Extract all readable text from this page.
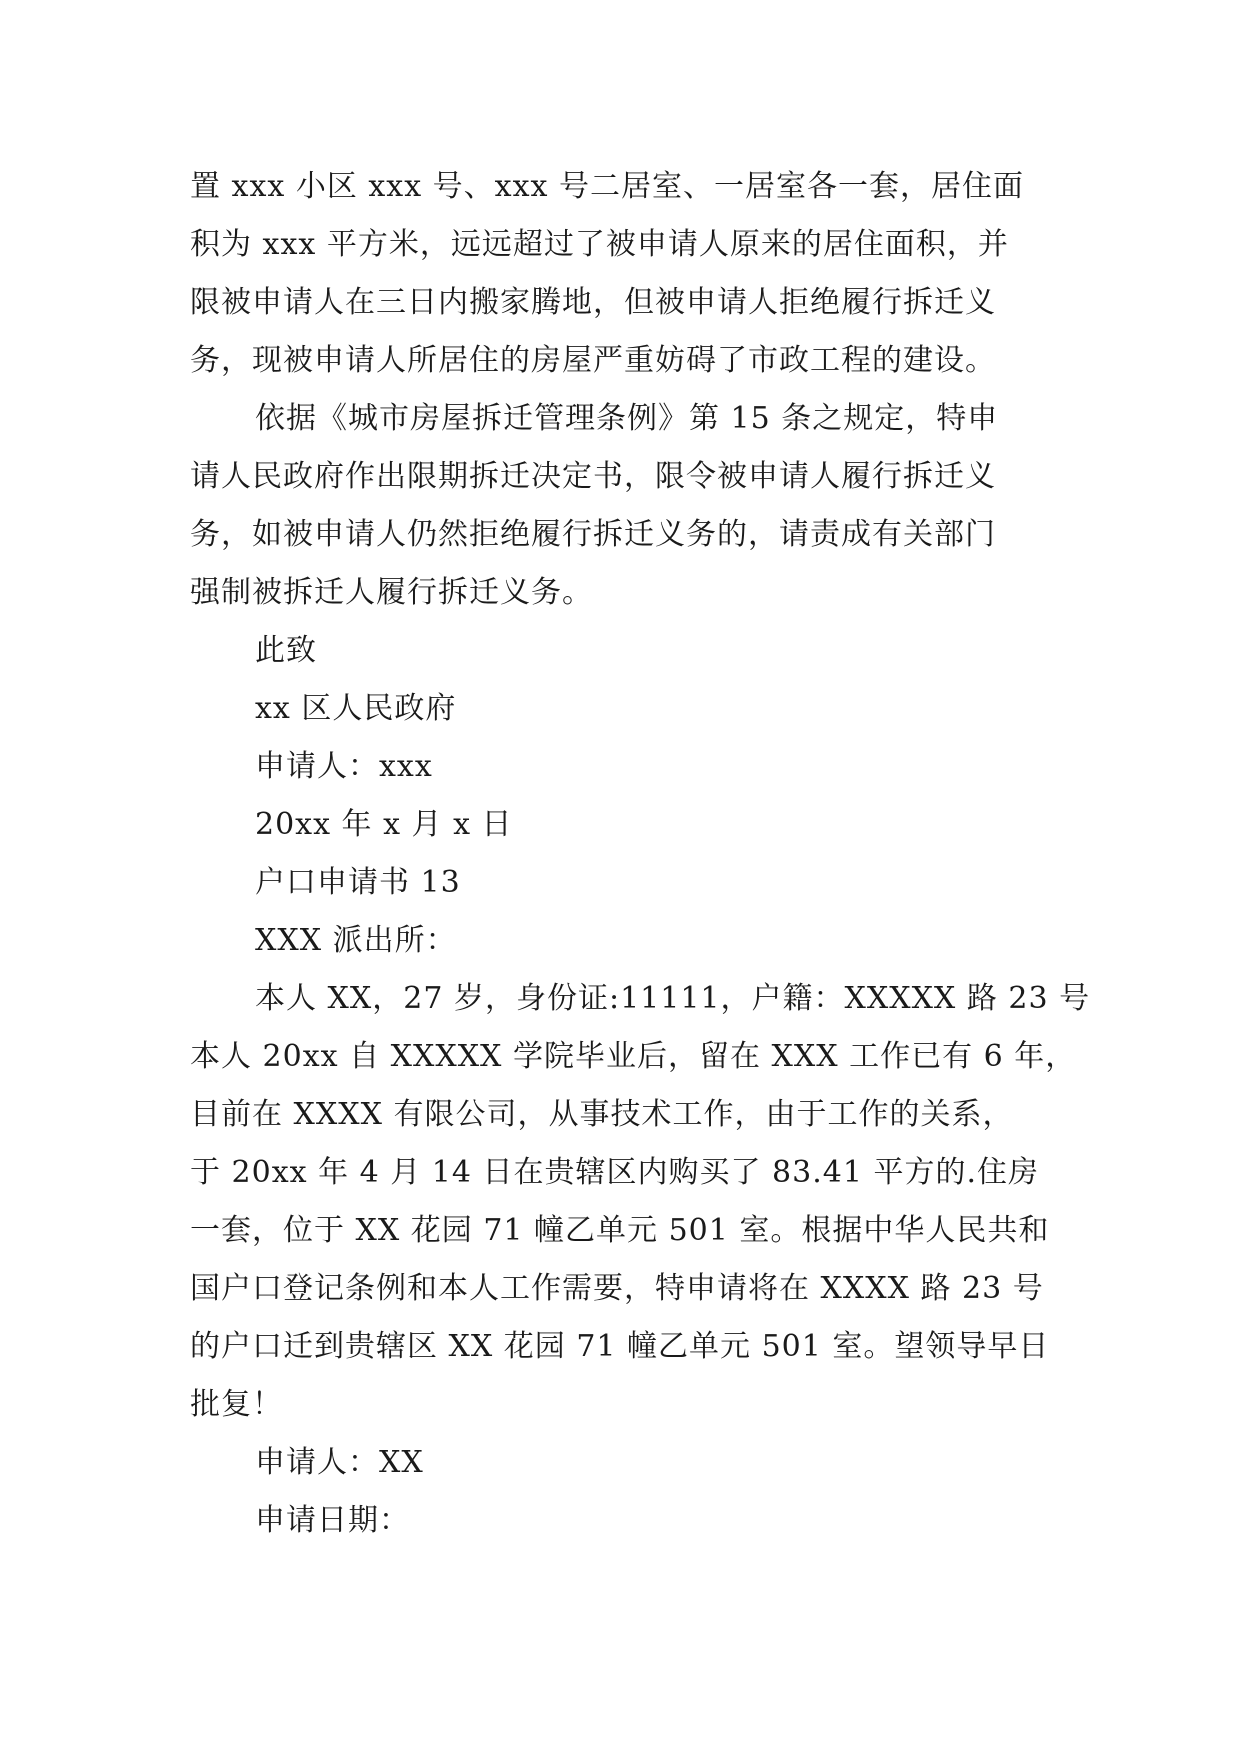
置 xxx 小区 xxx 号、xxx 号二居室、一居室各一套，居住面
积为 xxx 平方米，远远超过了被申请人原来的居住面积，并
限被申请人在三日内搬家腾地，但被申请人拒绝履行拆迁义
务，现被申请人所居住的房屋严重妨碍了市政工程的建设。
依据《城市房屋拆迁管理条例》第 15 条之规定，特申
请人民政府作出限期拆迁决定书，限令被申请人履行拆迁义
务，如被申请人仍然拒绝履行拆迁义务的，请责成有关部门
强制被拆迁人履行拆迁义务。
此致
xx 区人民政府
申请人：xxx
20xx 年 x 月 x 日
户口申请书 13
XXX 派出所：
本人 XX，27 岁，身份证:11111，户籍：XXXXX 路 23 号
本人 20xx 自 XXXXX 学院毕业后，留在 XXX 工作已有 6 年，
目前在 XXXX 有限公司，从事技术工作，由于工作的关系，
于 20xx 年 4 月 14 日在贵辖区内购买了 83.41 平方的.住房
一套，位于 XX 花园 71 幢乙单元 501 室。根据中华人民共和
国户口登记条例和本人工作需要，特申请将在 XXXX 路 23 号
的户口迁到贵辖区 XX 花园 71 幢乙单元 501 室。望领导早日
批复！
申请人：XX
申请日期：
